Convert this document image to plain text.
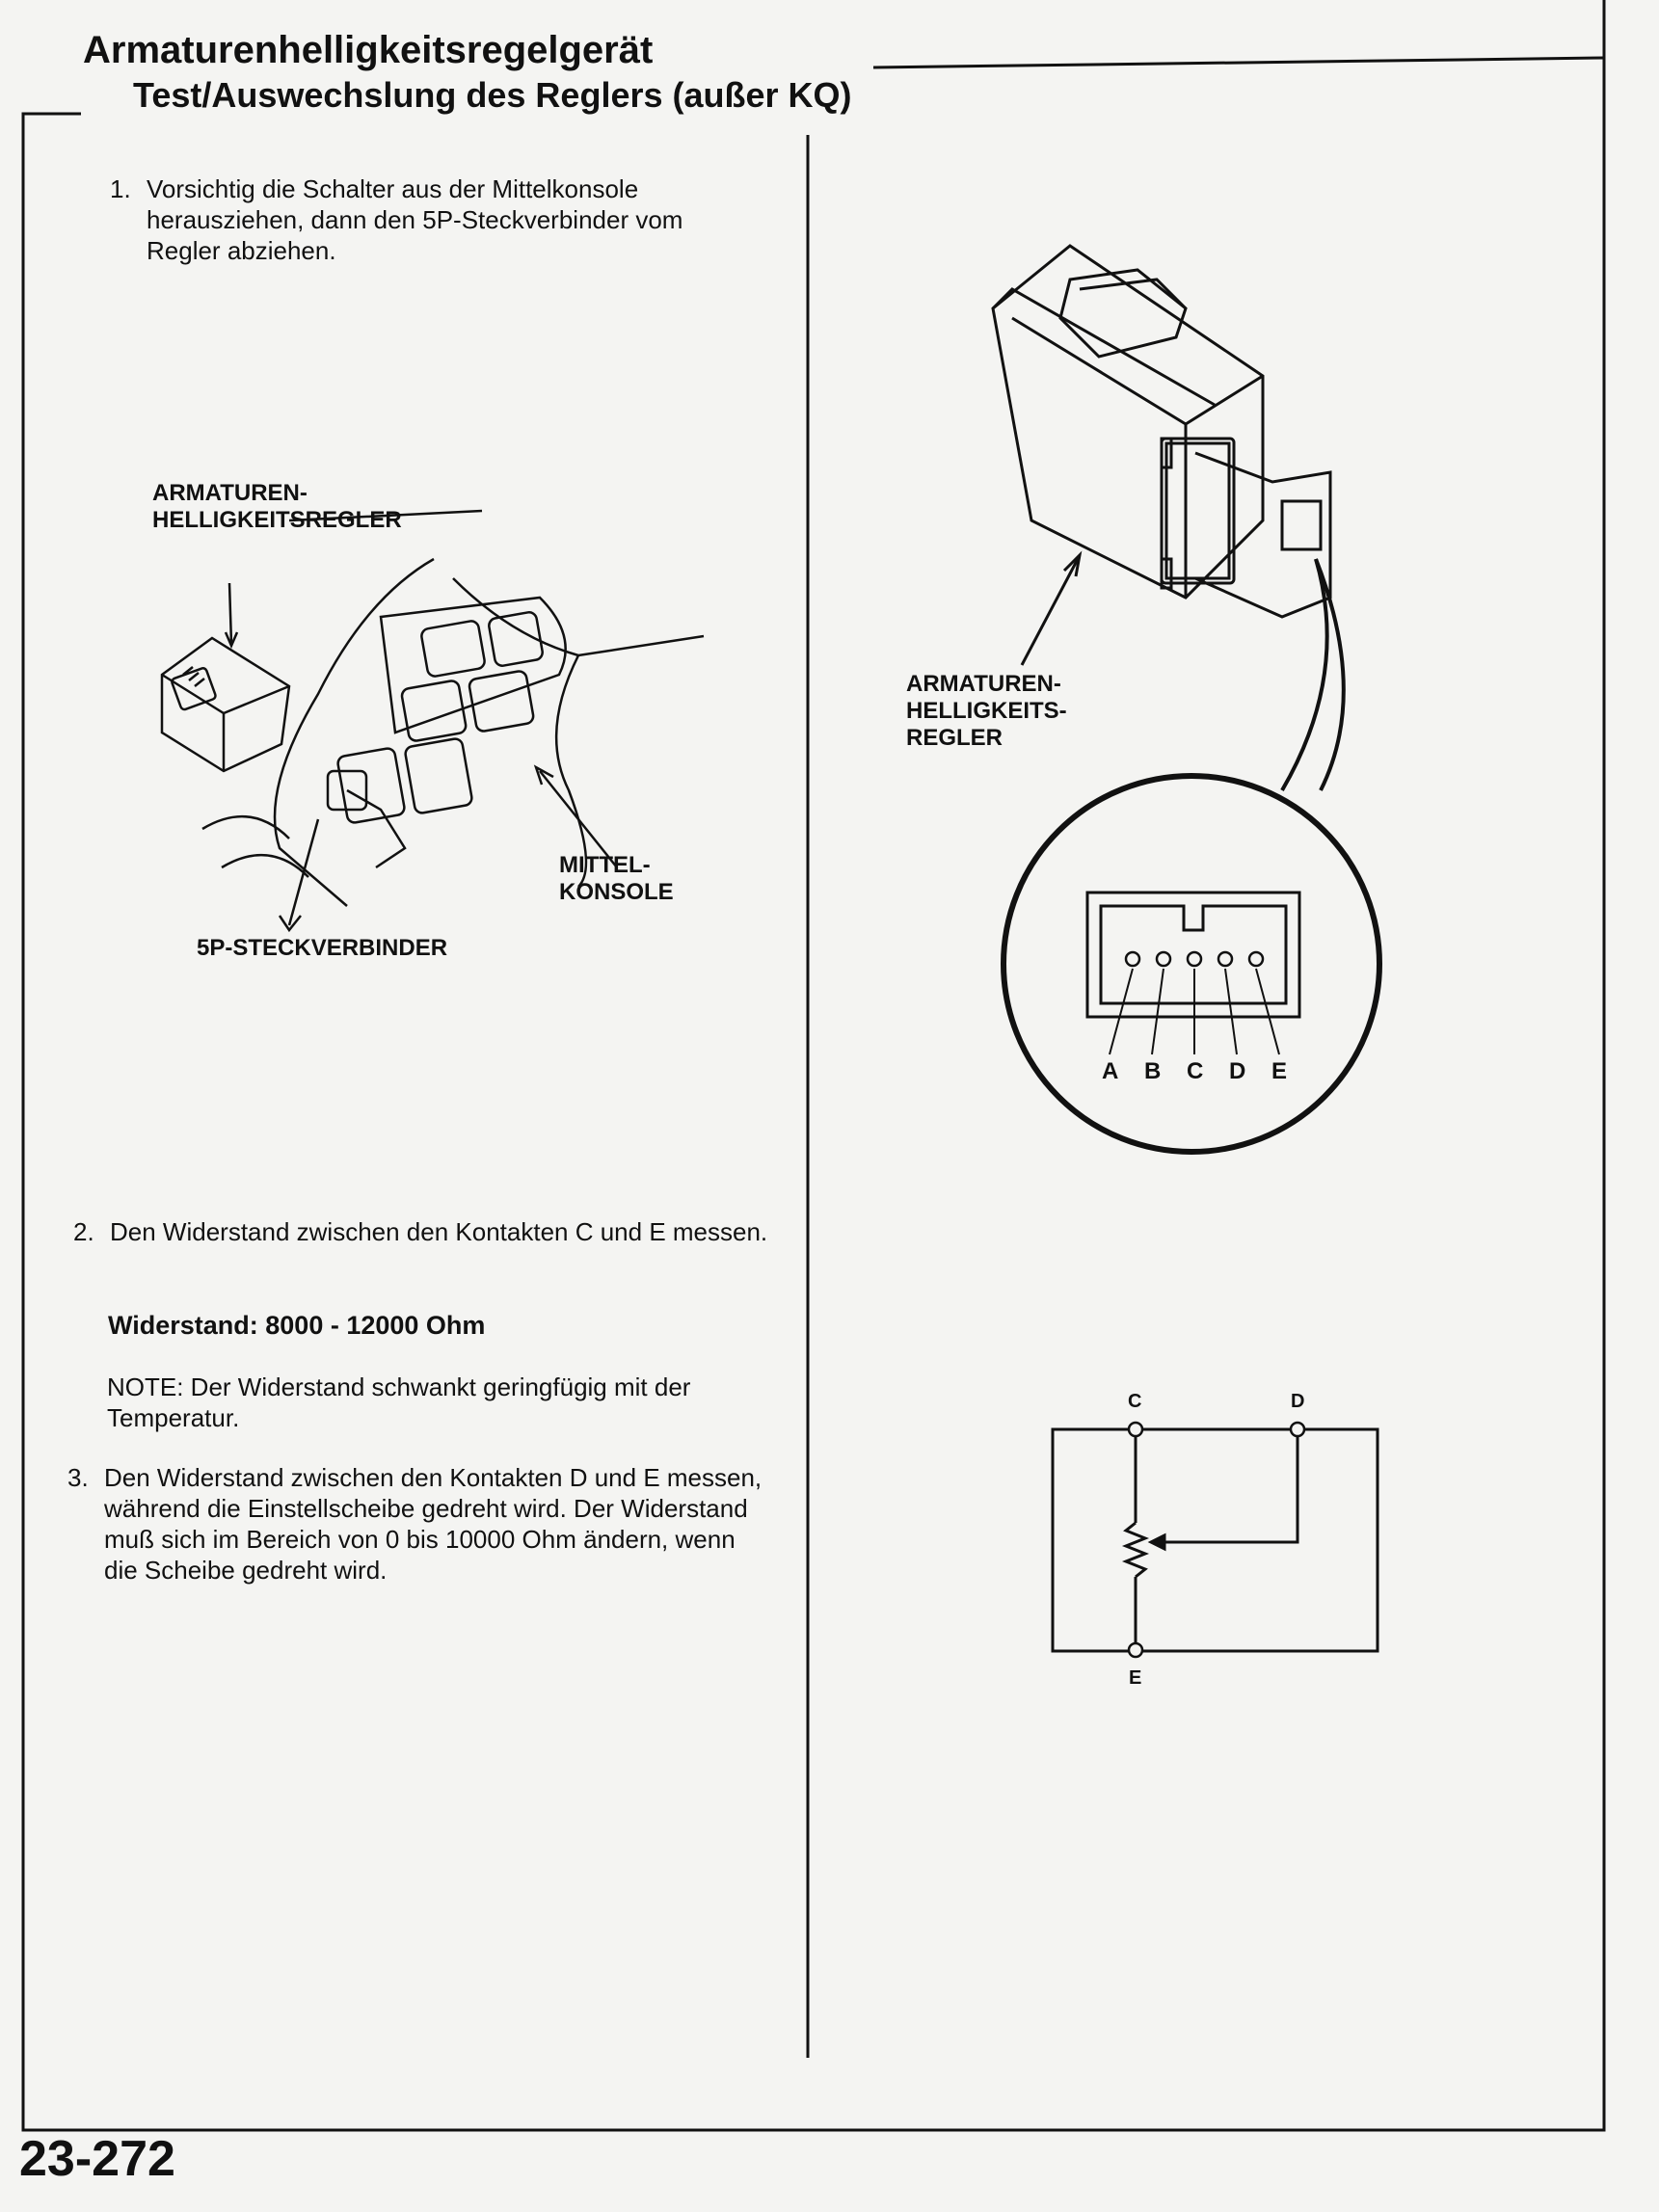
Armaturenhelligkeitsregelgerät
Test/Auswechslung des Reglers (außer KQ)
1. Vorsichtig die Schalter aus der Mittelkonsole herausziehen, dann den 5P-Steckverbinder vom Regler abziehen.
ARMATUREN-
HELLIGKEITSREGLER
MITTEL-
KONSOLE
5P-STECKVERBINDER
ARMATUREN-
HELLIGKEITS-
REGLER
A B C D E
2. Den Widerstand zwischen den Kontakten C und E messen.
Widerstand: 8000 - 12000 Ohm
NOTE: Der Widerstand schwankt geringfügig mit der Temperatur.
3. Den Widerstand zwischen den Kontakten D und E messen, während die Einstellscheibe gedreht wird. Der Widerstand muß sich im Bereich von 0 bis 10000 Ohm ändern, wenn die Scheibe gedreht wird.
C	D
E
23-272
